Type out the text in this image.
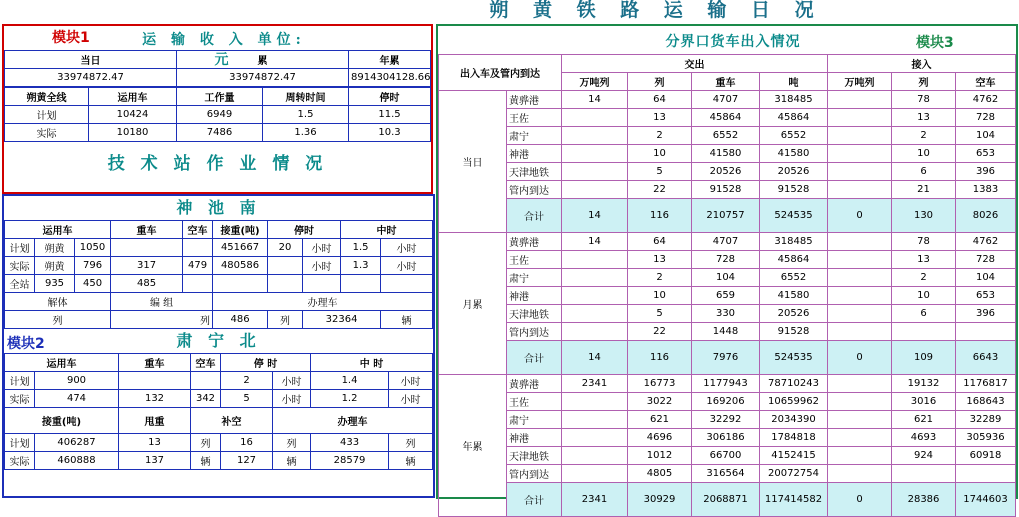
朔 黄 铁 路 运 输 日 况
模块1	运 输 收 入 单位:元
当日	累	年累
33974872.47	33974872.47	8914304128.66
朔黄全线	运用车	工作量	周转时间	停时
计划	10424	6949	1.5	11.5
实际	10180	7486	1.36	10.3
技 术 站 作 业 情 况
神 池 南
运用车			重车	空车	接重(吨)	停时		中时	
计划	朔黄	1050			451667	20	小时	1.5	小时
实际	朔黄	796	317	479	480586		小时	1.3	小时
全站	935	450	485						
解体			编 组		办理车				
列			列		486	列	32364		辆
模块2	肃 宁 北
运用车		重车	空车	停 时		中 时	
计划	900			2	小时	1.4	小时
实际	474	132	342	5	小时	1.2	小时
接重(吨)		甩重	补空		办理车		
计划	406287	13	列	16	列	433	列
实际	460888	137	辆	127	辆	28579	辆
分界口货车出入情况	模块3
出入车及管内到达		交出				接入		
		万吨列	列	重车	吨	万吨列	列	空车
当日	黄骅港	14	64	4707	318485		78	4762
	王佐		13	45864	45864		13	728
	肃宁		2	6552	6552		2	104
	神港		10	41580	41580		10	653
	天津地铁		5	20526	20526		6	396
	管内到达		22	91528	91528		21	1383
	合计	14	116	210757	524535	0	130	8026
月累	黄骅港	14	64	4707	318485		78	4762
	王佐		13	728	45864		13	728
	肃宁		2	104	6552		2	104
	神港		10	659	41580		10	653
	天津地铁		5	330	20526		6	396
	管内到达		22	1448	91528			
	合计	14	116	7976	524535	0	109	6643
年累	黄骅港	2341	16773	1177943	78710243		19132	1176817
	王佐		3022	169206	10659962		3016	168643
	肃宁		621	32292	2034390		621	32289
	神港		4696	306186	1784818		4693	305936
	天津地铁		1012	66700	4152415		924	60918
	管内到达		4805	316564	20072754			
	合计	2341	30929	2068871	117414582	0	28386	1744603
